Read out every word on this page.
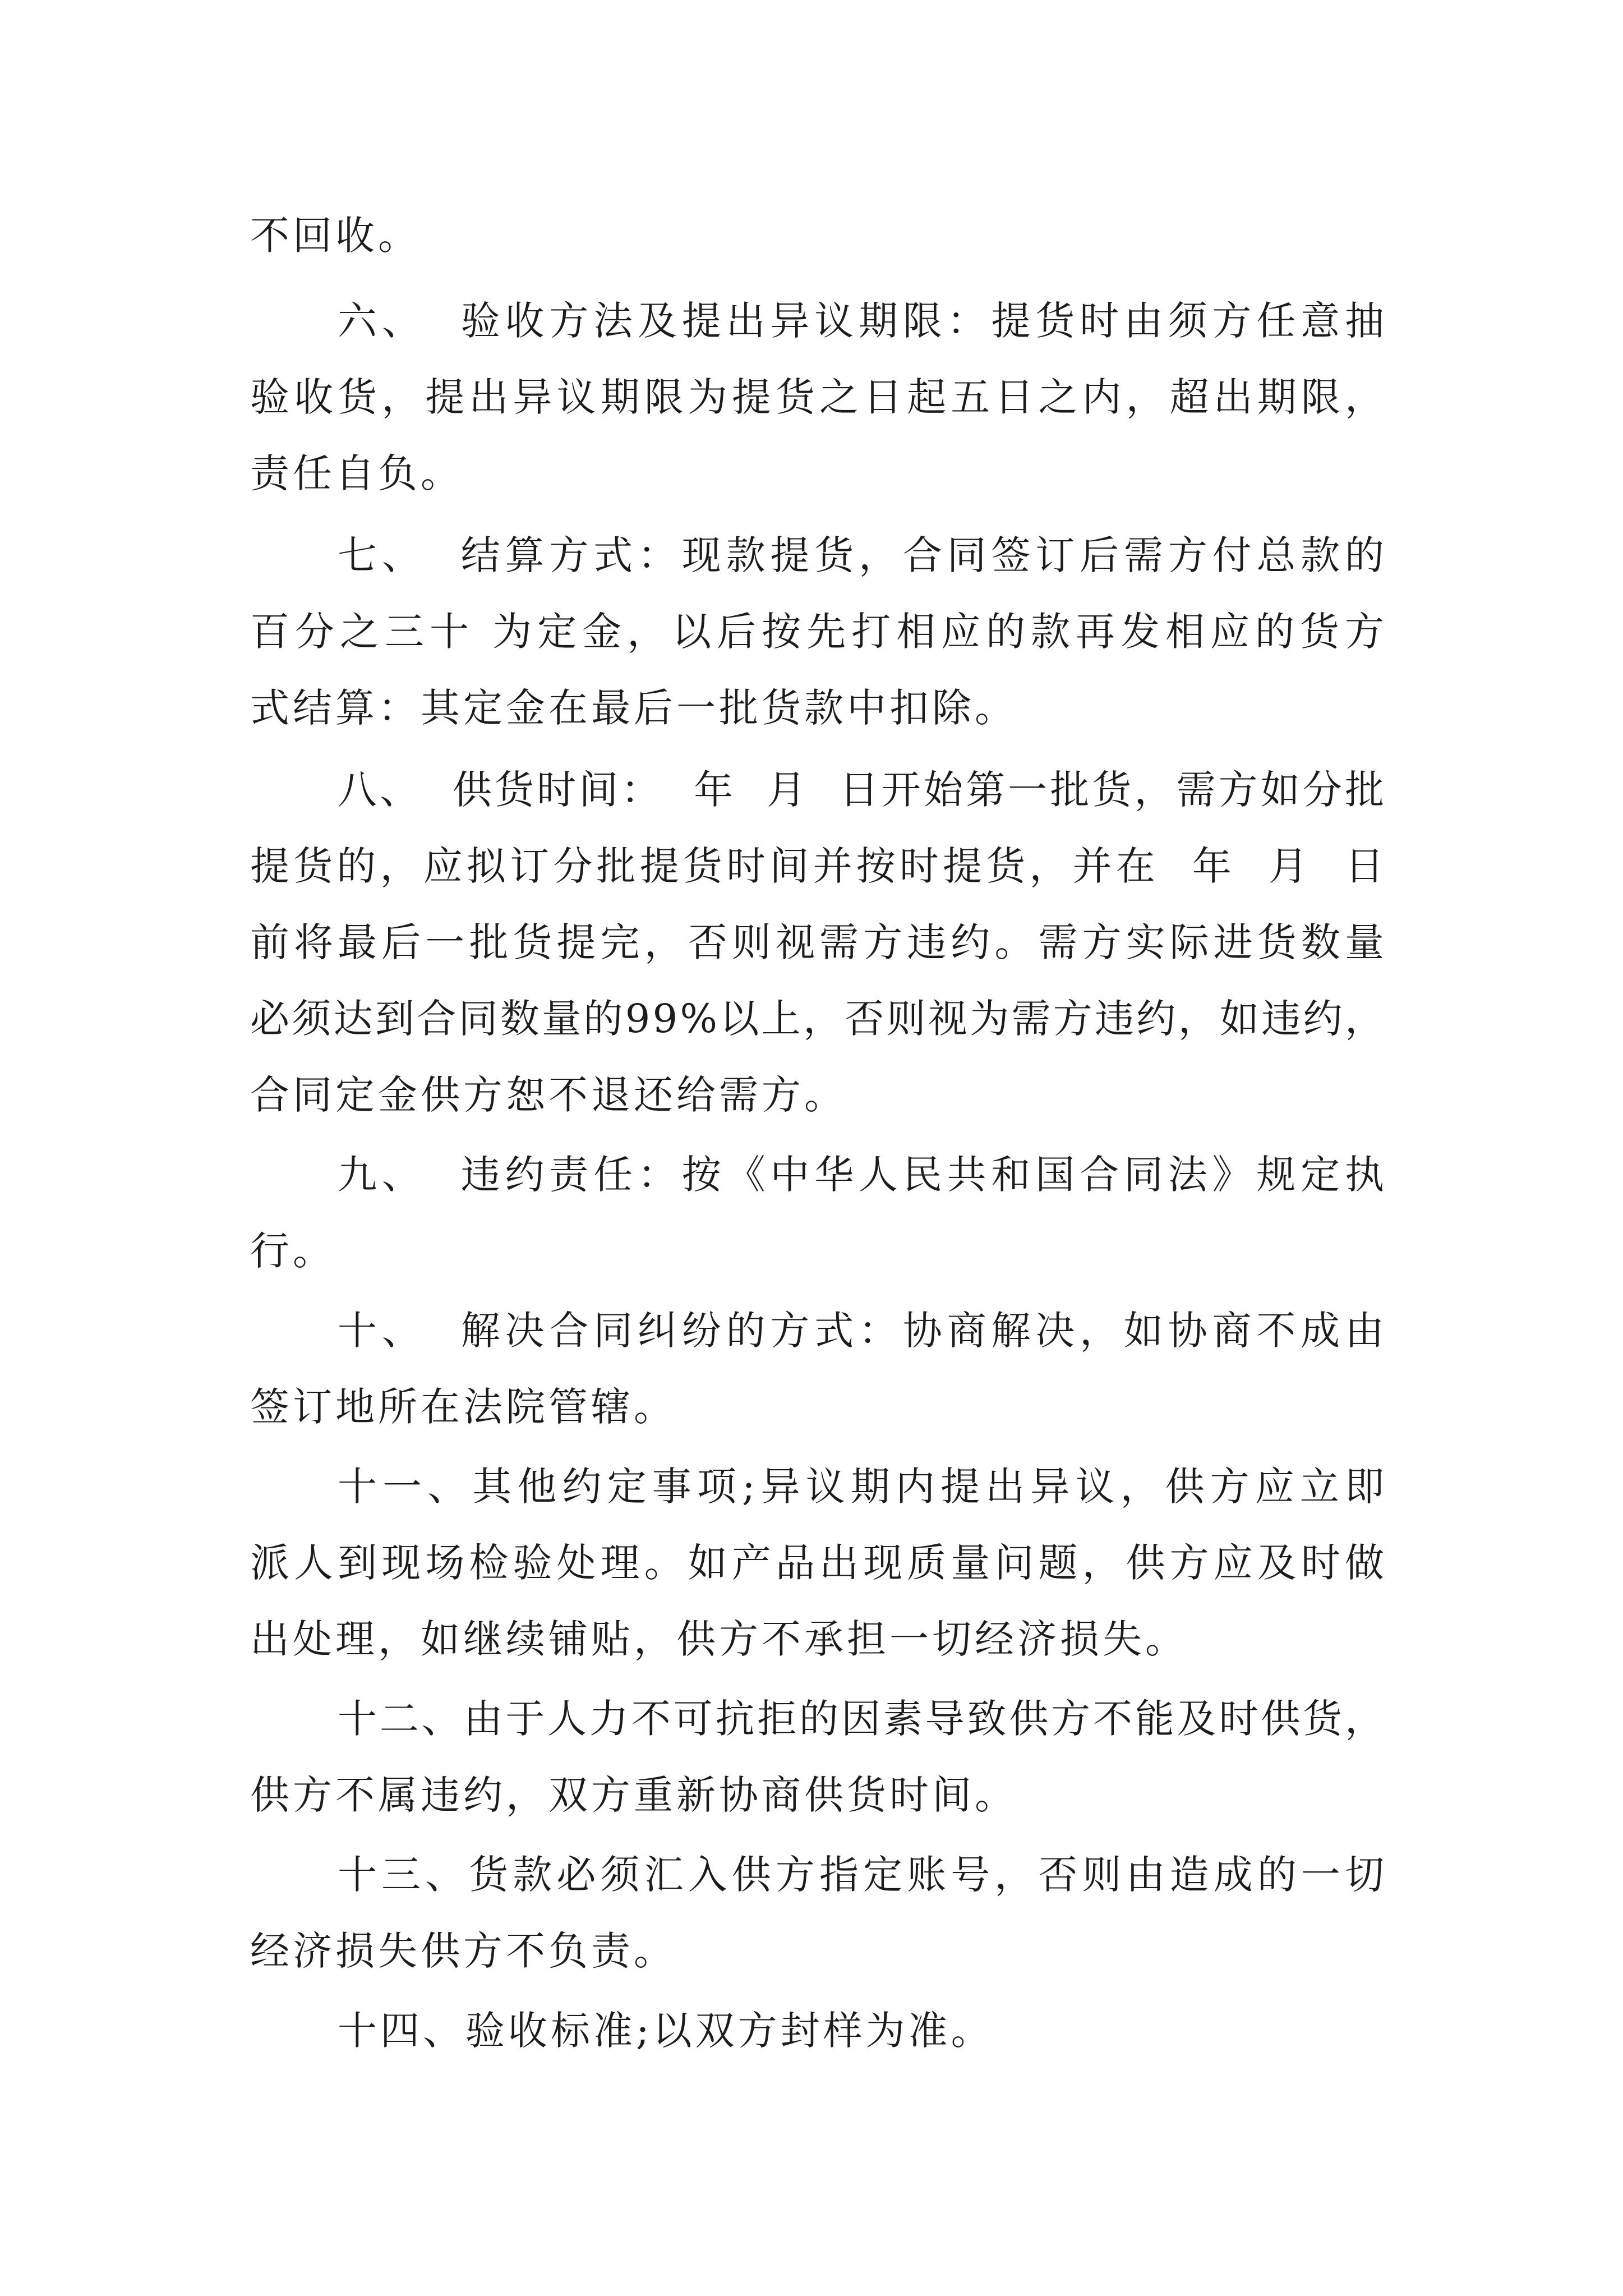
不回收。
六、  验收方法及提出异议期限：提货时由须方任意抽
验收货，提出异议期限为提货之日起五日之内，超出期限，
责任自负。
七、  结算方式：现款提货，合同签订后需方付总款的
百分之三十 为定金，以后按先打相应的款再发相应的货方
式结算：其定金在最后一批货款中扣除。
八、  供货时间：  年  月  日开始第一批货，需方如分批
提货的，应拟订分批提货时间并按时提货，并在  年  月  日
前将最后一批货提完，否则视需方违约。需方实际进货数量
必须达到合同数量的99%以上，否则视为需方违约，如违约，
合同定金供方恕不退还给需方。
九、  违约责任：按《中华人民共和国合同法》规定执
行。
十、  解决合同纠纷的方式：协商解决，如协商不成由
签订地所在法院管辖。
十一、其他约定事项;异议期内提出异议，供方应立即
派人到现场检验处理。如产品出现质量问题，供方应及时做
出处理，如继续铺贴，供方不承担一切经济损失。
十二、由于人力不可抗拒的因素导致供方不能及时供货，
供方不属违约，双方重新协商供货时间。
十三、货款必须汇入供方指定账号，否则由造成的一切
经济损失供方不负责。
十四、验收标准;以双方封样为准。
